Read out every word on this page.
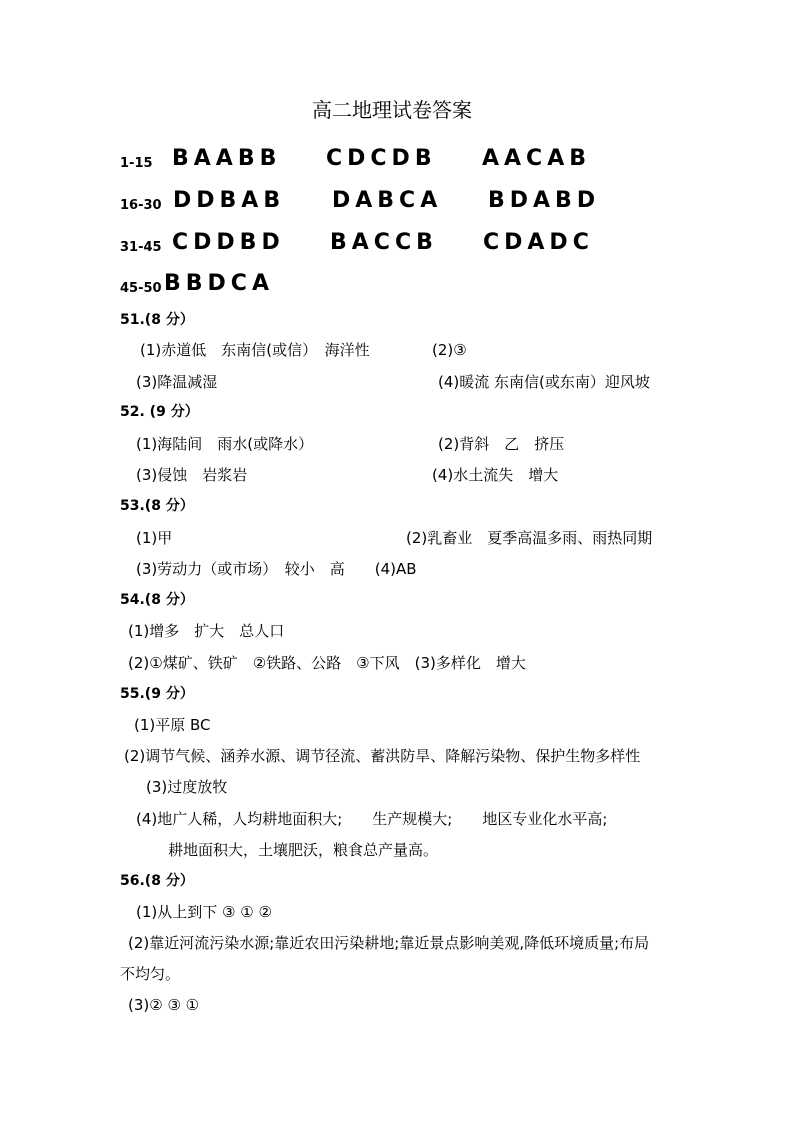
高二地理试卷答案
1-15 BAABB CDCDB AACAB
16-30 DDBAB DABCA BDABD
31-45 CDDBD BACCB CDADC
45-50 BBDCA
51.(8 分）
(1)赤道低　东南信(或信）　海洋性	(2)③
(3)降温减湿	(4)暖流 东南信(或东南）迎风坡
52. (9 分）
(1)海陆间　雨水(或降水）	(2)背斜　乙　挤压
(3)侵蚀　岩浆岩	(4)水土流失　增大
53.(8 分）
(1)甲	(2)乳畜业　夏季高温多雨、雨热同期
(3)劳动力（或市场）　较小　高　　(4)AB
54.(8 分）
(1)增多　扩大　总人口
(2)①煤矿、铁矿　②铁路、公路　③下风　(3)多样化　增大
55.(9 分）
(1)平原 BC
(2)调节气候、涵养水源、调节径流、蓄洪防旱、降解污染物、保护生物多样性
(3)过度放牧
(4)地广人稀，人均耕地面积大;　　生产规模大;　　地区专业化水平高;
耕地面积大，土壤肥沃，粮食总产量高。
56.(8 分）
(1)从上到下 ③ ① ②
(2)靠近河流污染水源;靠近农田污染耕地;靠近景点影响美观,降低环境质量;布局
不均匀。
(3)② ③ ①
